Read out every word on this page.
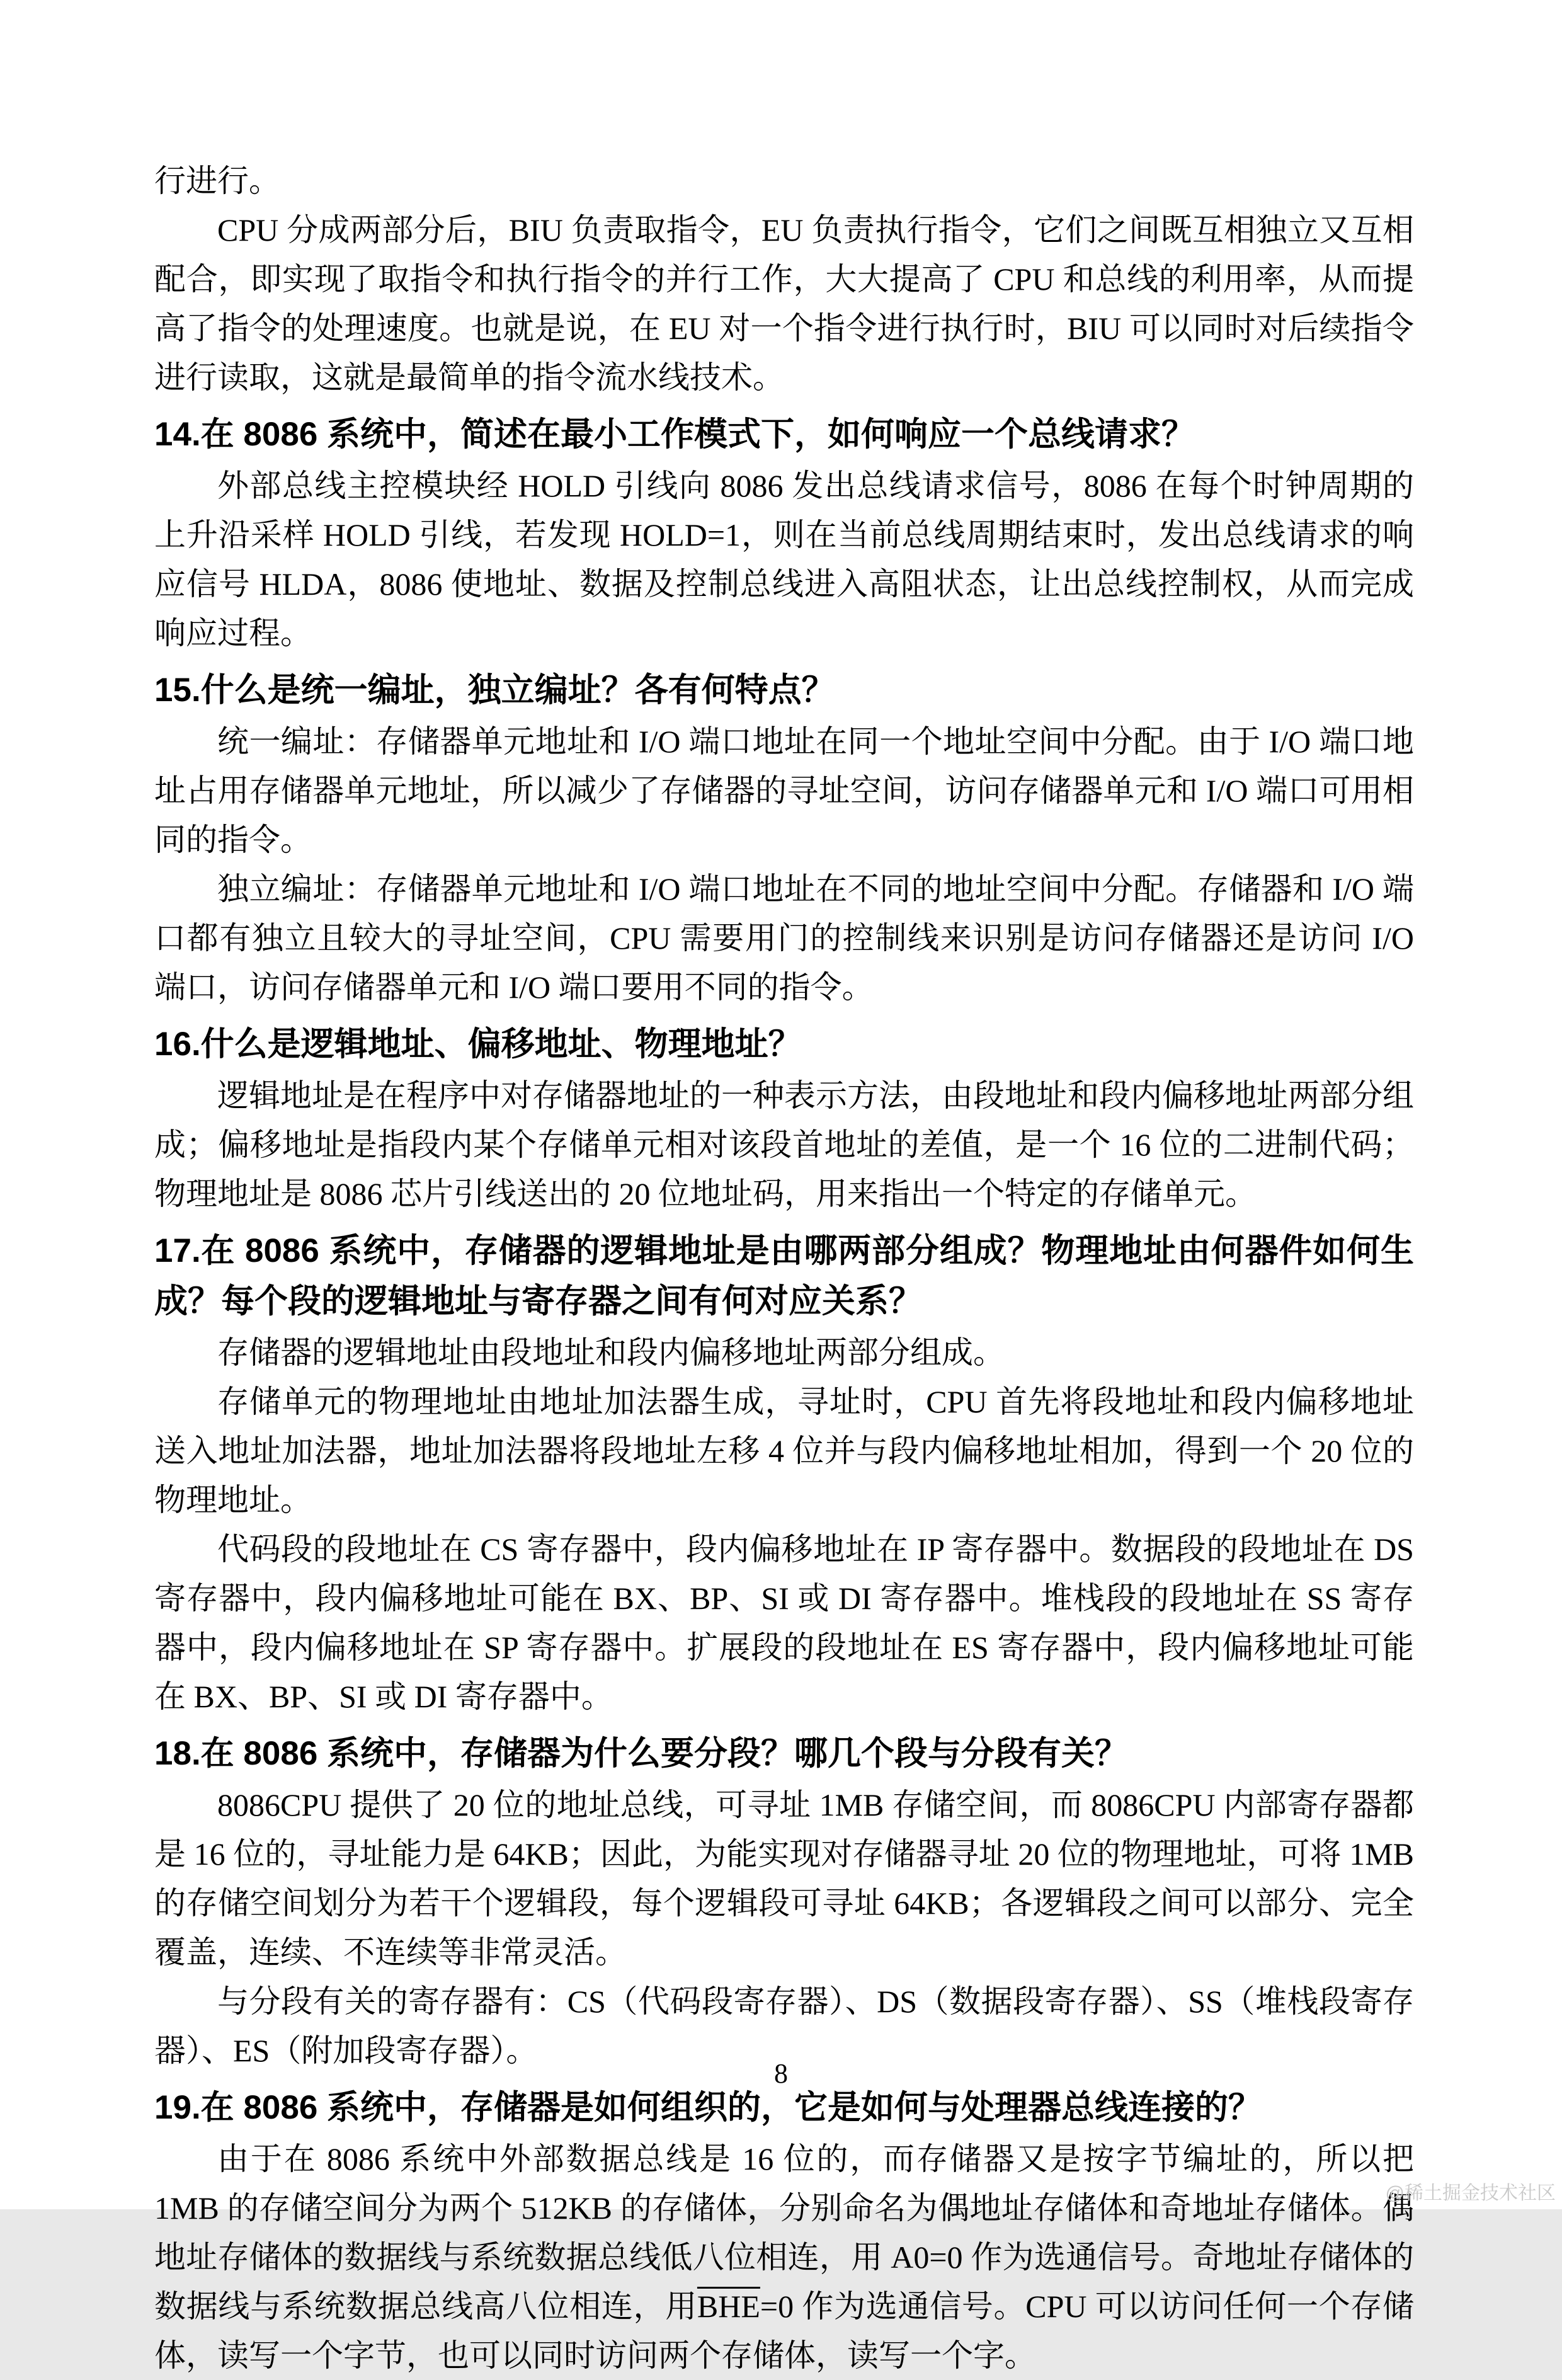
行进行。

CPU 分成两部分后，BIU 负责取指令，EU 负责执行指令，它们之间既互相独立又互相配合，即实现了取指令和执行指令的并行工作，大大提高了 CPU 和总线的利用率，从而提高了指令的处理速度。也就是说，在 EU 对一个指令进行执行时，BIU 可以同时对后续指令进行读取，这就是最简单的指令流水线技术。

14.在 8086 系统中，简述在最小工作模式下，如何响应一个总线请求？

外部总线主控模块经 HOLD 引线向 8086 发出总线请求信号，8086 在每个时钟周期的上升沿采样 HOLD 引线，若发现 HOLD=1，则在当前总线周期结束时，发出总线请求的响应信号 HLDA，8086 使地址、数据及控制总线进入高阻状态，让出总线控制权，从而完成响应过程。

15.什么是统一编址，独立编址？各有何特点？

统一编址：存储器单元地址和 I/O 端口地址在同一个地址空间中分配。由于 I/O 端口地址占用存储器单元地址，所以减少了存储器的寻址空间，访问存储器单元和 I/O 端口可用相同的指令。

独立编址：存储器单元地址和 I/O 端口地址在不同的地址空间中分配。存储器和 I/O 端口都有独立且较大的寻址空间，CPU 需要用门的控制线来识别是访问存储器还是访问 I/O 端口，访问存储器单元和 I/O 端口要用不同的指令。

16.什么是逻辑地址、偏移地址、物理地址？

逻辑地址是在程序中对存储器地址的一种表示方法，由段地址和段内偏移地址两部分组成；偏移地址是指段内某个存储单元相对该段首地址的差值，是一个 16 位的二进制代码；物理地址是 8086 芯片引线送出的 20 位地址码，用来指出一个特定的存储单元。

17.在 8086 系统中，存储器的逻辑地址是由哪两部分组成？物理地址由何器件如何生成？每个段的逻辑地址与寄存器之间有何对应关系？

存储器的逻辑地址由段地址和段内偏移地址两部分组成。

存储单元的物理地址由地址加法器生成，寻址时，CPU 首先将段地址和段内偏移地址送入地址加法器，地址加法器将段地址左移 4 位并与段内偏移地址相加，得到一个 20 位的物理地址。

代码段的段地址在 CS 寄存器中，段内偏移地址在 IP 寄存器中。数据段的段地址在 DS 寄存器中，段内偏移地址可能在 BX、BP、SI 或 DI 寄存器中。堆栈段的段地址在 SS 寄存器中，段内偏移地址在 SP 寄存器中。扩展段的段地址在 ES 寄存器中，段内偏移地址可能在 BX、BP、SI 或 DI 寄存器中。

18.在 8086 系统中，存储器为什么要分段？哪几个段与分段有关？

8086CPU 提供了 20 位的地址总线，可寻址 1MB 存储空间，而 8086CPU 内部寄存器都是 16 位的，寻址能力是 64KB；因此，为能实现对存储器寻址 20 位的物理地址，可将 1MB 的存储空间划分为若干个逻辑段，每个逻辑段可寻址 64KB；各逻辑段之间可以部分、完全覆盖，连续、不连续等非常灵活。

与分段有关的寄存器有：CS（代码段寄存器）、DS（数据段寄存器）、SS（堆栈段寄存器）、ES（附加段寄存器）。

19.在 8086 系统中，存储器是如何组织的，它是如何与处理器总线连接的？

由于在 8086 系统中外部数据总线是 16 位的，而存储器又是按字节编址的，所以把 1MB 的存储空间分为两个 512KB 的存储体，分别命名为偶地址存储体和奇地址存储体。偶地址存储体的数据线与系统数据总线低八位相连，用 A0=0 作为选通信号。奇地址存储体的数据线与系统数据总线高八位相连，用$\overline{BHE}=0$ 作为选通信号。CPU 可以访问任何一个存储体，读写一个字节，也可以同时访问两个存储体，读写一个字。

8
@稀土掘金技术社区
